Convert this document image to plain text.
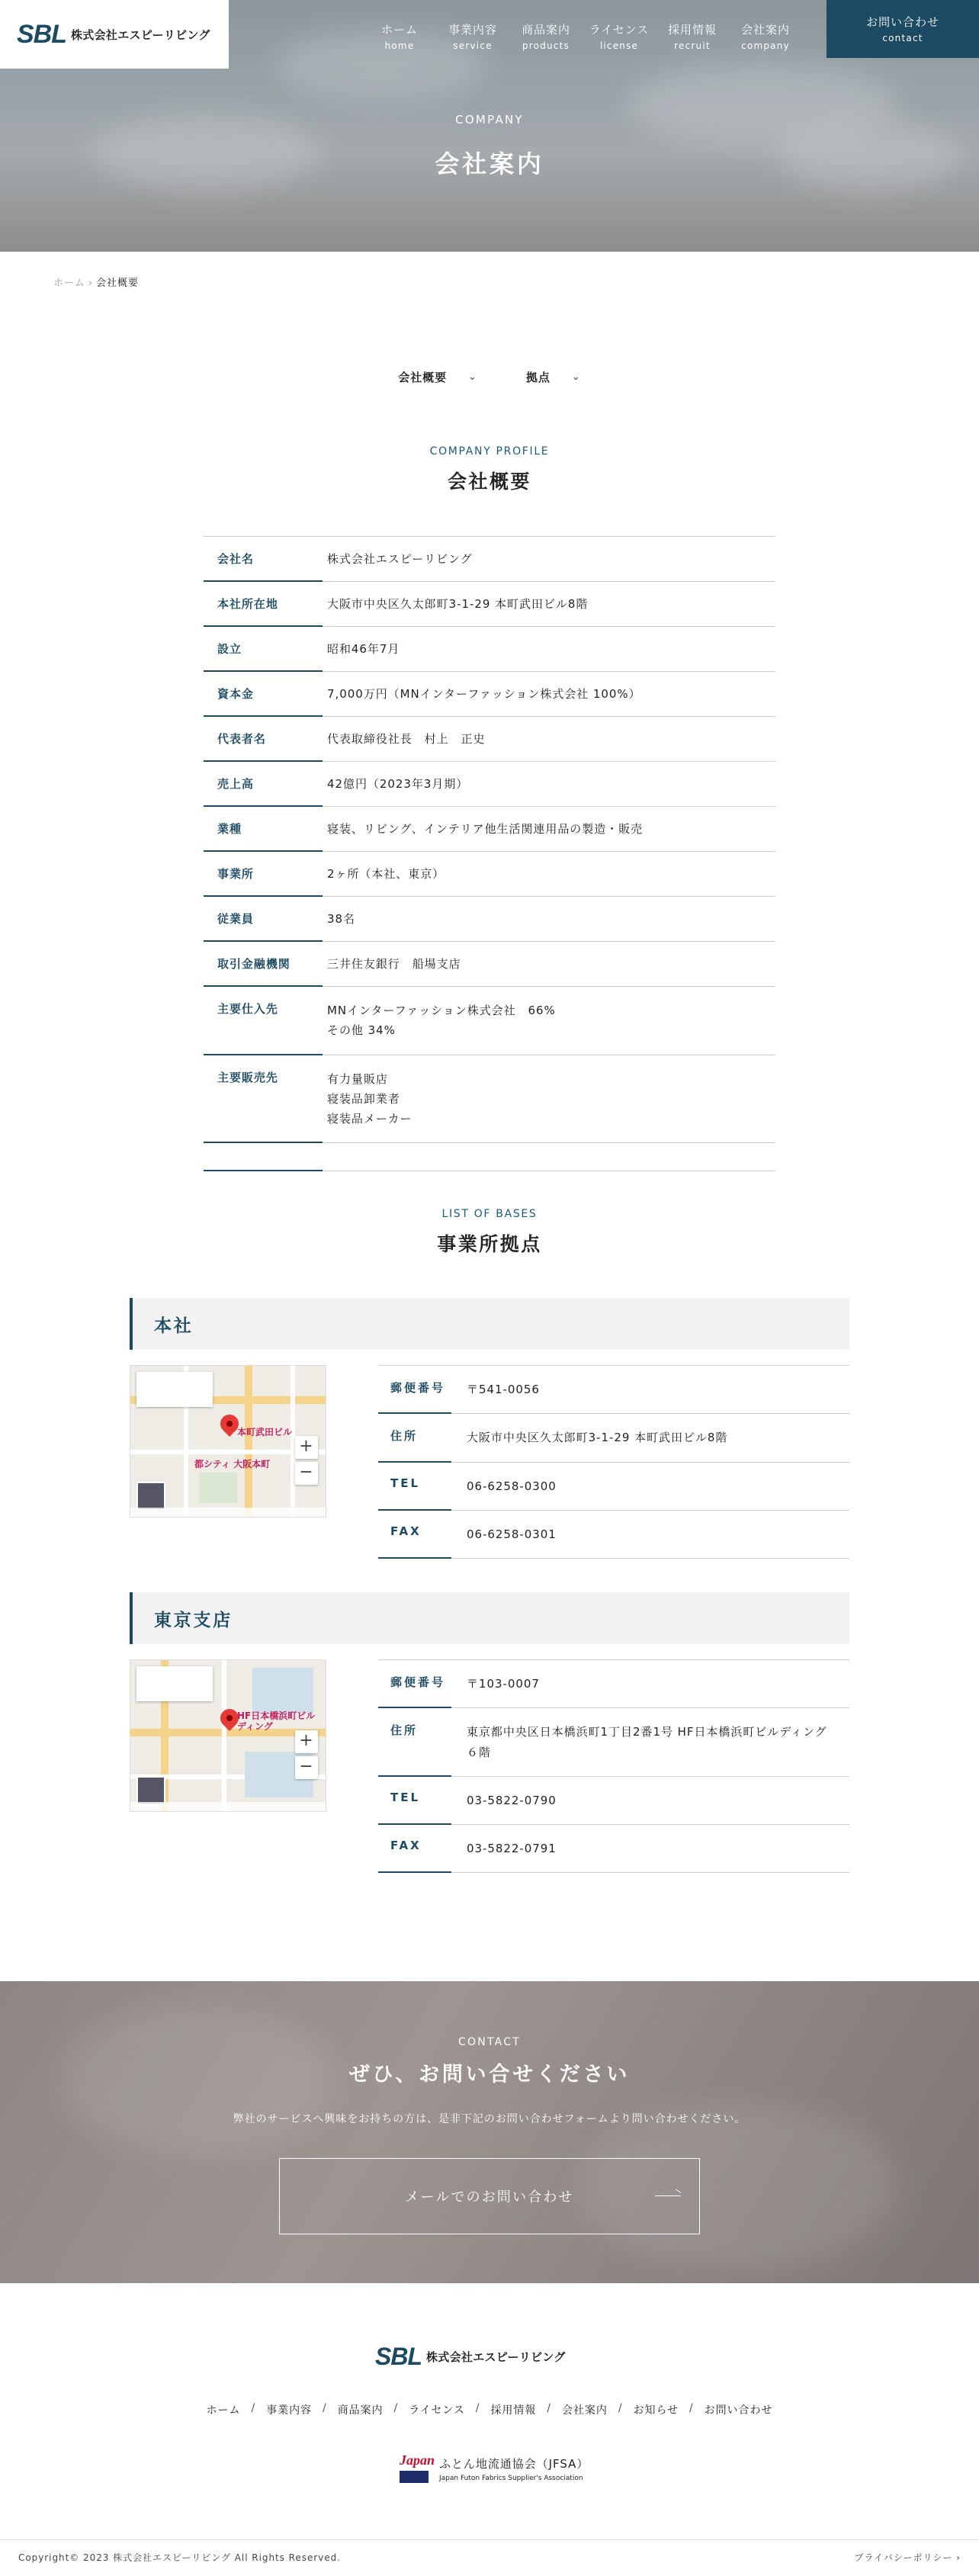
SBL 株式会社エスピーリビング	ホーム
home
事業内容
service
商品案内
products
ライセンス
license
採用情報
recruit
会社案内
company
お問い合わせ
contact
COMPANY
会社案内
ホーム › 会社概要
会社概要 ⌄	拠点 ⌄
COMPANY PROFILE
会社概要
会社名	株式会社エスピーリビング
本社所在地	大阪市中央区久太郎町3-1-29 本町武田ビル8階
設立	昭和46年7月
資本金	7,000万円（MNインターファッション株式会社 100%）
代表者名	代表取締役社長　村上　正史
売上高	42億円（2023年3月期）
業種	寝装、リビング、インテリア他生活関連用品の製造・販売
事業所	2ヶ所（本社、東京）
従業員	38名
取引金融機関	三井住友銀行　船場支店
主要仕入先	MNインターファッション株式会社　66%
その他 34%
主要販売先	有力量販店
寝装品卸業者
寝装品メーカー

LIST OF BASES
事業所拠点
本社
本町武田ビル
都シティ 大阪本町
+
−
郵便番号	〒541-0056
住所	大阪市中央区久太郎町3-1-29 本町武田ビル8階
TEL	06-6258-0300
FAX	06-6258-0301
東京支店
HF日本橋浜町ビルディング
+
−
郵便番号	〒103-0007
住所	東京都中央区日本橋浜町1丁目2番1号 HF日本橋浜町ビルディング６階
TEL	03-5822-0790
FAX	03-5822-0791
CONTACT
ぜひ、お問い合せください

弊社のサービスへ興味をお持ちの方は、是非下記のお問い合わせフォームより問い合わせください。

メールでのお問い合わせ
SBL 株式会社エスピーリビング
ホーム / 事業内容 / 商品案内 / ライセンス / 採用情報 / 会社案内 / お知らせ / お問い合わせ
Japan ふとん地流通協会（JFSA）
Japan Futon Fabrics Supplier's Association
Copyright© 2023 株式会社エスピーリビング All Rights Reserved.	プライバシーポリシー ›
